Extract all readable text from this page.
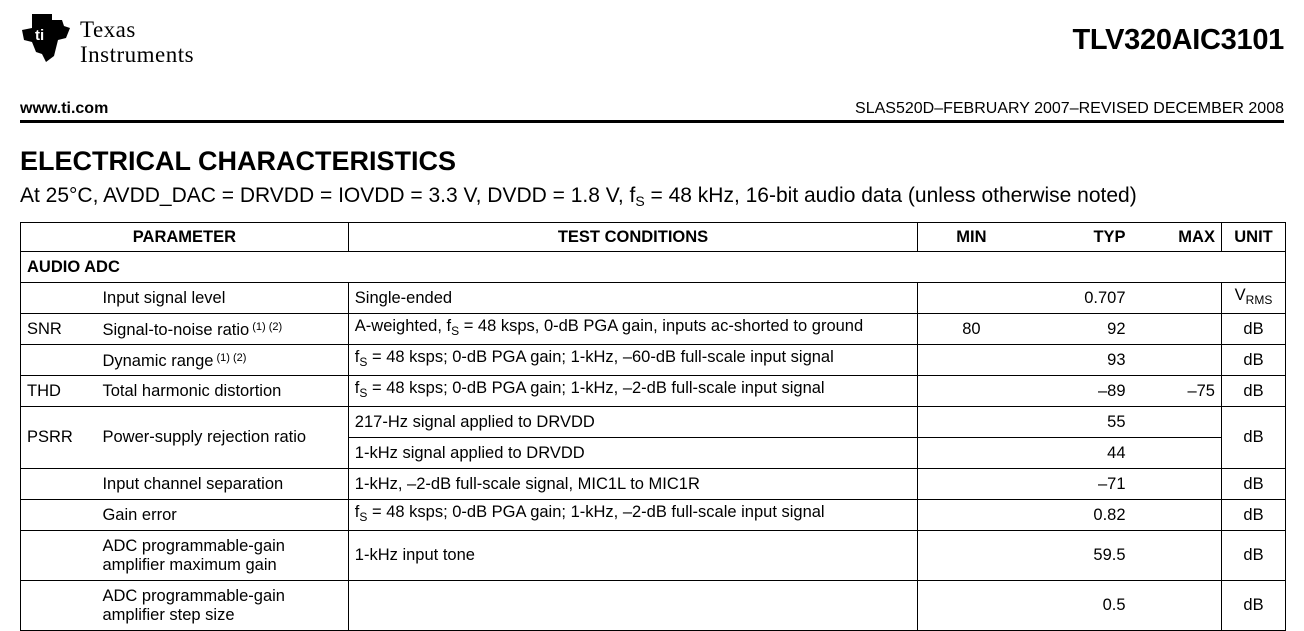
ti Texas
Instruments	TLV320AIC3101
www.ti.com	SLAS520D–FEBRUARY 2007–REVISED DECEMBER 2008
ELECTRICAL CHARACTERISTICS
At 25°C, AVDD_DAC = DRVDD = IOVDD = 3.3 V, DVDD = 1.8 V, $f_S = 48$ kHz, 16-bit audio data (unless otherwise noted)
PARAMETER		TEST CONDITIONS	MIN	TYP	MAX	UNIT
AUDIO ADC						
	Input signal level	Single-ended		0.707		$V_{RMS}$
SNR	Signal-to-noise ratio $^{(1) (2)}$	A-weighted, $f_S = 48$ ksps, 0-dB PGA gain, inputs ac-shorted to ground	80	92		dB
	Dynamic range $^{(1) (2)}$	$f_S = 48$ ksps; 0-dB PGA gain; 1-kHz, –60-dB full-scale input signal		93		dB
THD	Total harmonic distortion	$f_S = 48$ ksps; 0-dB PGA gain; 1-kHz, –2-dB full-scale input signal		–89	–75	dB
PSRR	Power-supply rejection ratio	217-Hz signal applied to DRVDD		55		dB
		1-kHz signal applied to DRVDD		44		
	Input channel separation	1-kHz, –2-dB full-scale signal, MIC1L to MIC1R		–71		dB
	Gain error	$f_S = 48$ ksps; 0-dB PGA gain; 1-kHz, –2-dB full-scale input signal		0.82		dB

	ADC programmable-gain
amplifier maximum gain	1-kHz input tone		59.5		dB

	ADC programmable-gain
amplifier step size			0.5		dB
